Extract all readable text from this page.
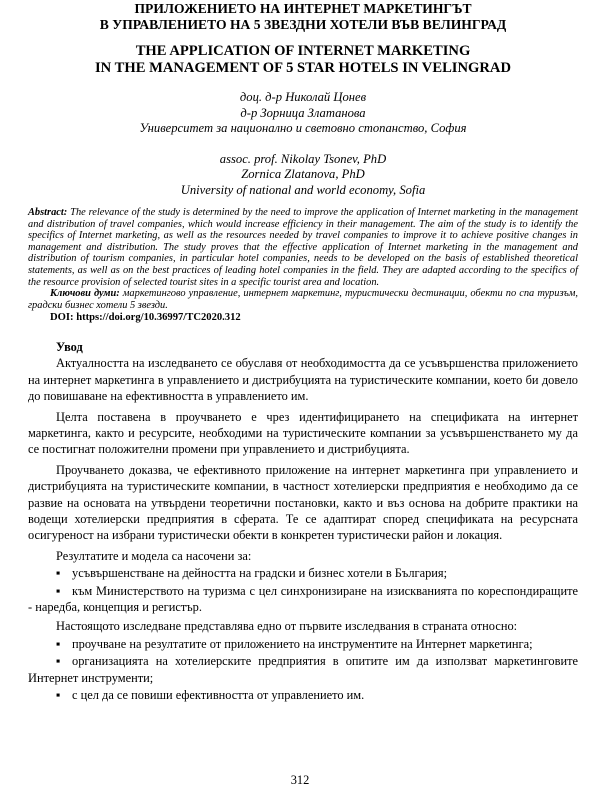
ПРИЛОЖЕНИЕТО НА ИНТЕРНЕТ МАРКЕТИНГЪТ
В УПРАВЛЕНИЕТО НА 5 ЗВЕЗДНИ ХОТЕЛИ ВЪВ ВЕЛИНГРАД
THE APPLICATION OF INTERNET MARKETING
IN THE MANAGEMENT OF 5 STAR HOTELS IN VELINGRAD
доц. д-р Николай Цонев
д-р Зорница Златанова
Университет за национално и световно стопанство, София
assoc. prof. Nikolay Tsonev, PhD
Zornica Zlatanova, PhD
University of national and world economy, Sofia
Abstract: The relevance of the study is determined by the need to improve the application of Internet marketing in the management and distribution of travel companies, which would increase efficiency in their management. The aim of the study is to identify the specifics of Internet marketing, as well as the resources needed by travel companies to improve it to achieve positive changes in management and distribution. The study proves that the effective application of Internet marketing in the management and distribution of tourism companies, in particular hotel companies, needs to be developed on the basis of established theoretical statements, as well as on the best practices of leading hotel companies in the field. They are adapted according to the specifics of the resource provision of selected tourist sites in a specific tourist area and location.
Ключови думи: маркетингово управление, интернет маркетинг, туристически дестинации, обекти по спа туризъм, градски бизнес хотели 5 звезди.
DOI: https://doi.org/10.36997/TC2020.312
Увод

Актуалността на изследването се обуславя от необходимостта да се усъвършенства приложението на интернет маркетинга в управлението и дистрибуцията на туристическите компании, което би довело до повишаване на ефективността в управлението им.

Целта поставена в проучването е чрез идентифицирането на спецификата на интернет маркетинга, както и ресурсите, необходими на туристическите компании за усъвършенстването му да се постигнат положителни промени при управлението и дистрибуцията.

Проучването доказва, че ефективното приложение на интернет маркетинга при управлението и дистрибуцията на туристическите компании, в частност хотелиерски предприятия е необходимо да се развие на основата на утвърдени теоретични постановки, както и въз основа на добрите практики на водещи хотелиерски предприятия в сферата. Те се адаптират според спецификата на ресурсната осигуреност на избрани туристически обекти в конкретен туристически район и локация.

Резултатите и модела са насочени за:

▪ усъвършенстване на дейността на градски и бизнес хотели в България;

▪ към Министерството на туризма с цел синхронизиране на изискванията по кореспондиращите - наредба, концепция и регистър.

Настоящото изследване представлява едно от първите изследвания в страната относно:

▪ проучване на резултатите от приложението на инструментите на Интернет маркетинга;

▪ организацията на хотелиерските предприятия в опитите им да използват маркетинговите Интернет инструменти;

▪ с цел да се повиши ефективността от управлението им.

312
